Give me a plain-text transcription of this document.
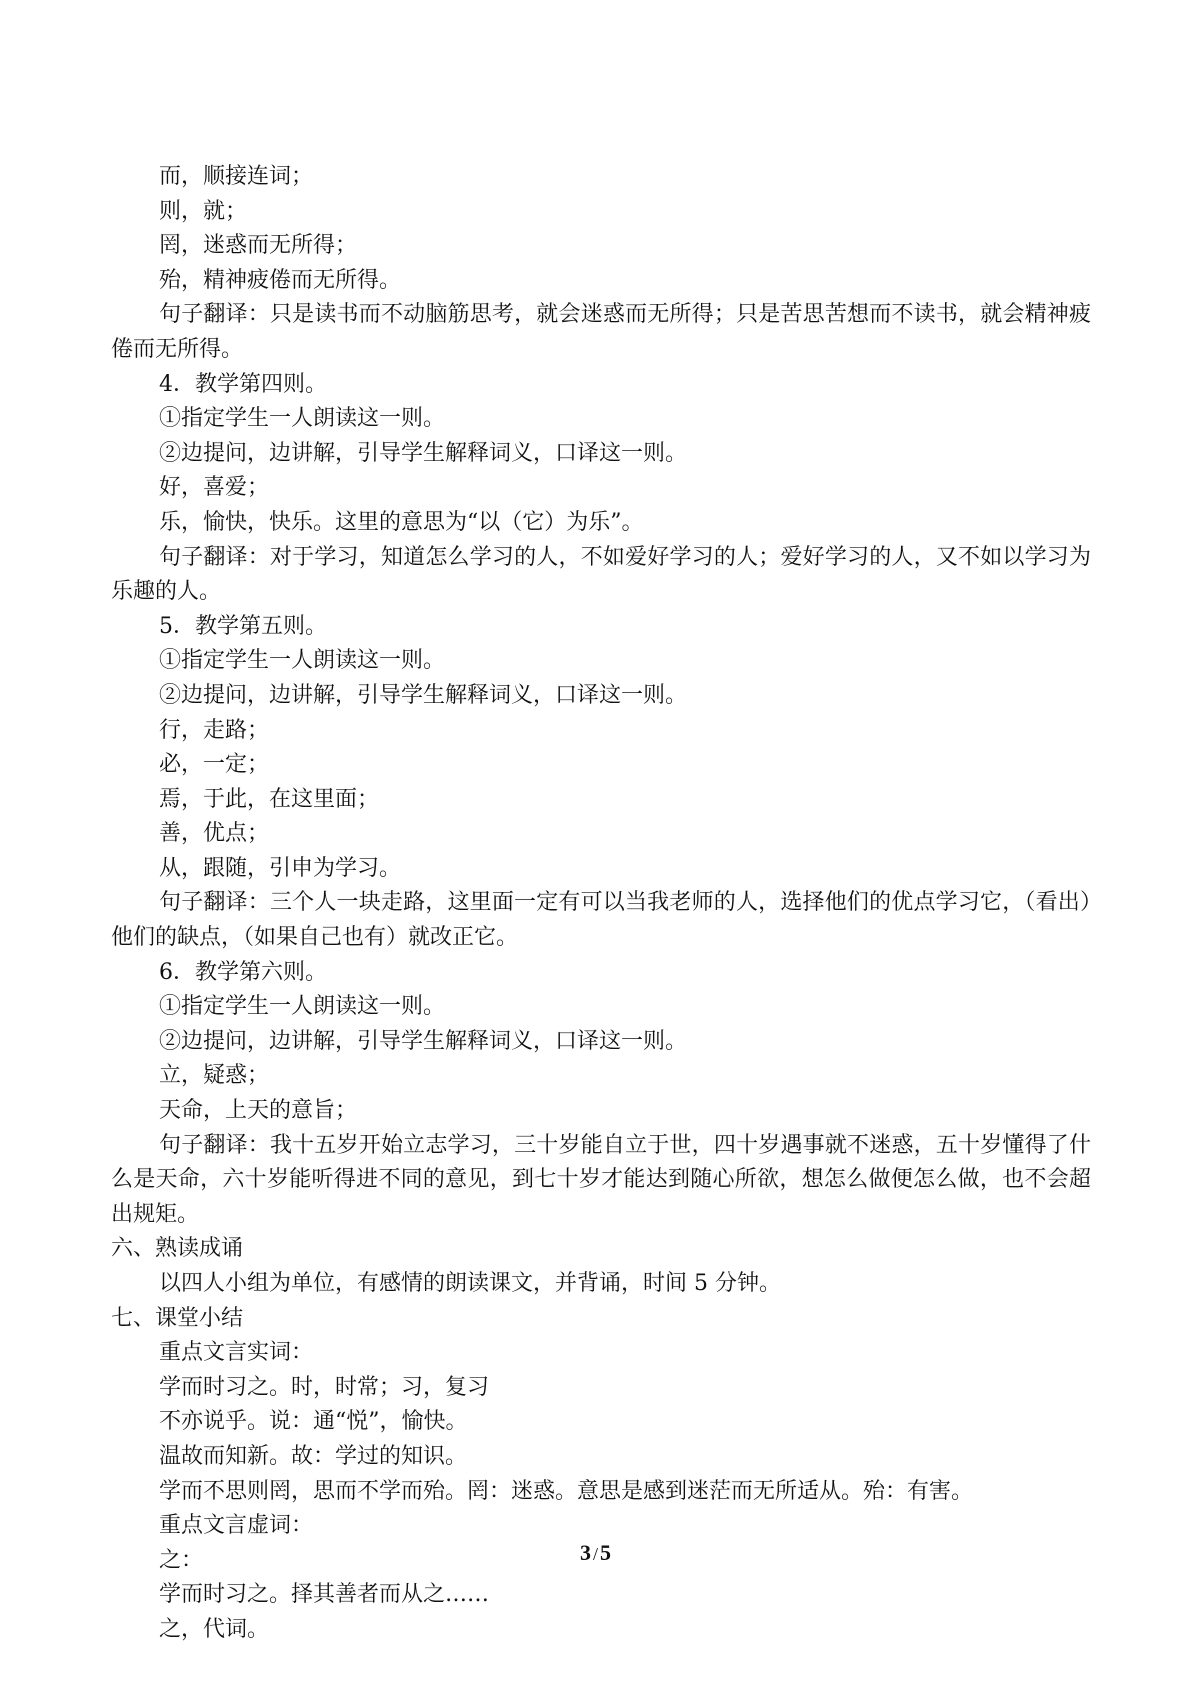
而，顺接连词；
则，就；
罔，迷惑而无所得；
殆，精神疲倦而无所得。
句子翻译：只是读书而不动脑筋思考，就会迷惑而无所得；只是苦思苦想而不读书，就会精神疲倦而无所得。
4．教学第四则。
①指定学生一人朗读这一则。
②边提问，边讲解，引导学生解释词义，口译这一则。
好，喜爱；
乐，愉快，快乐。这里的意思为“以（它）为乐”。
句子翻译：对于学习，知道怎么学习的人，不如爱好学习的人；爱好学习的人，又不如以学习为乐趣的人。
5．教学第五则。
①指定学生一人朗读这一则。
②边提问，边讲解，引导学生解释词义，口译这一则。
行，走路；
必，一定；
焉，于此，在这里面；
善，优点；
从，跟随，引申为学习。
句子翻译：三个人一块走路，这里面一定有可以当我老师的人，选择他们的优点学习它，（看出）他们的缺点，（如果自己也有）就改正它。
6．教学第六则。
①指定学生一人朗读这一则。
②边提问，边讲解，引导学生解释词义，口译这一则。
立，疑惑；
天命，上天的意旨；
句子翻译：我十五岁开始立志学习，三十岁能自立于世，四十岁遇事就不迷惑，五十岁懂得了什么是天命，六十岁能听得进不同的意见，到七十岁才能达到随心所欲，想怎么做便怎么做，也不会超出规矩。
六、熟读成诵
以四人小组为单位，有感情的朗读课文，并背诵，时间 5 分钟。
七、课堂小结
重点文言实词：
学而时习之。时，时常；习，复习
不亦说乎。说：通“悦”，愉快。
温故而知新。故：学过的知识。
学而不思则罔，思而不学而殆。罔：迷惑。意思是感到迷茫而无所适从。殆：有害。
重点文言虚词：
之：
学而时习之。择其善者而从之……
之，代词。
3 /5
